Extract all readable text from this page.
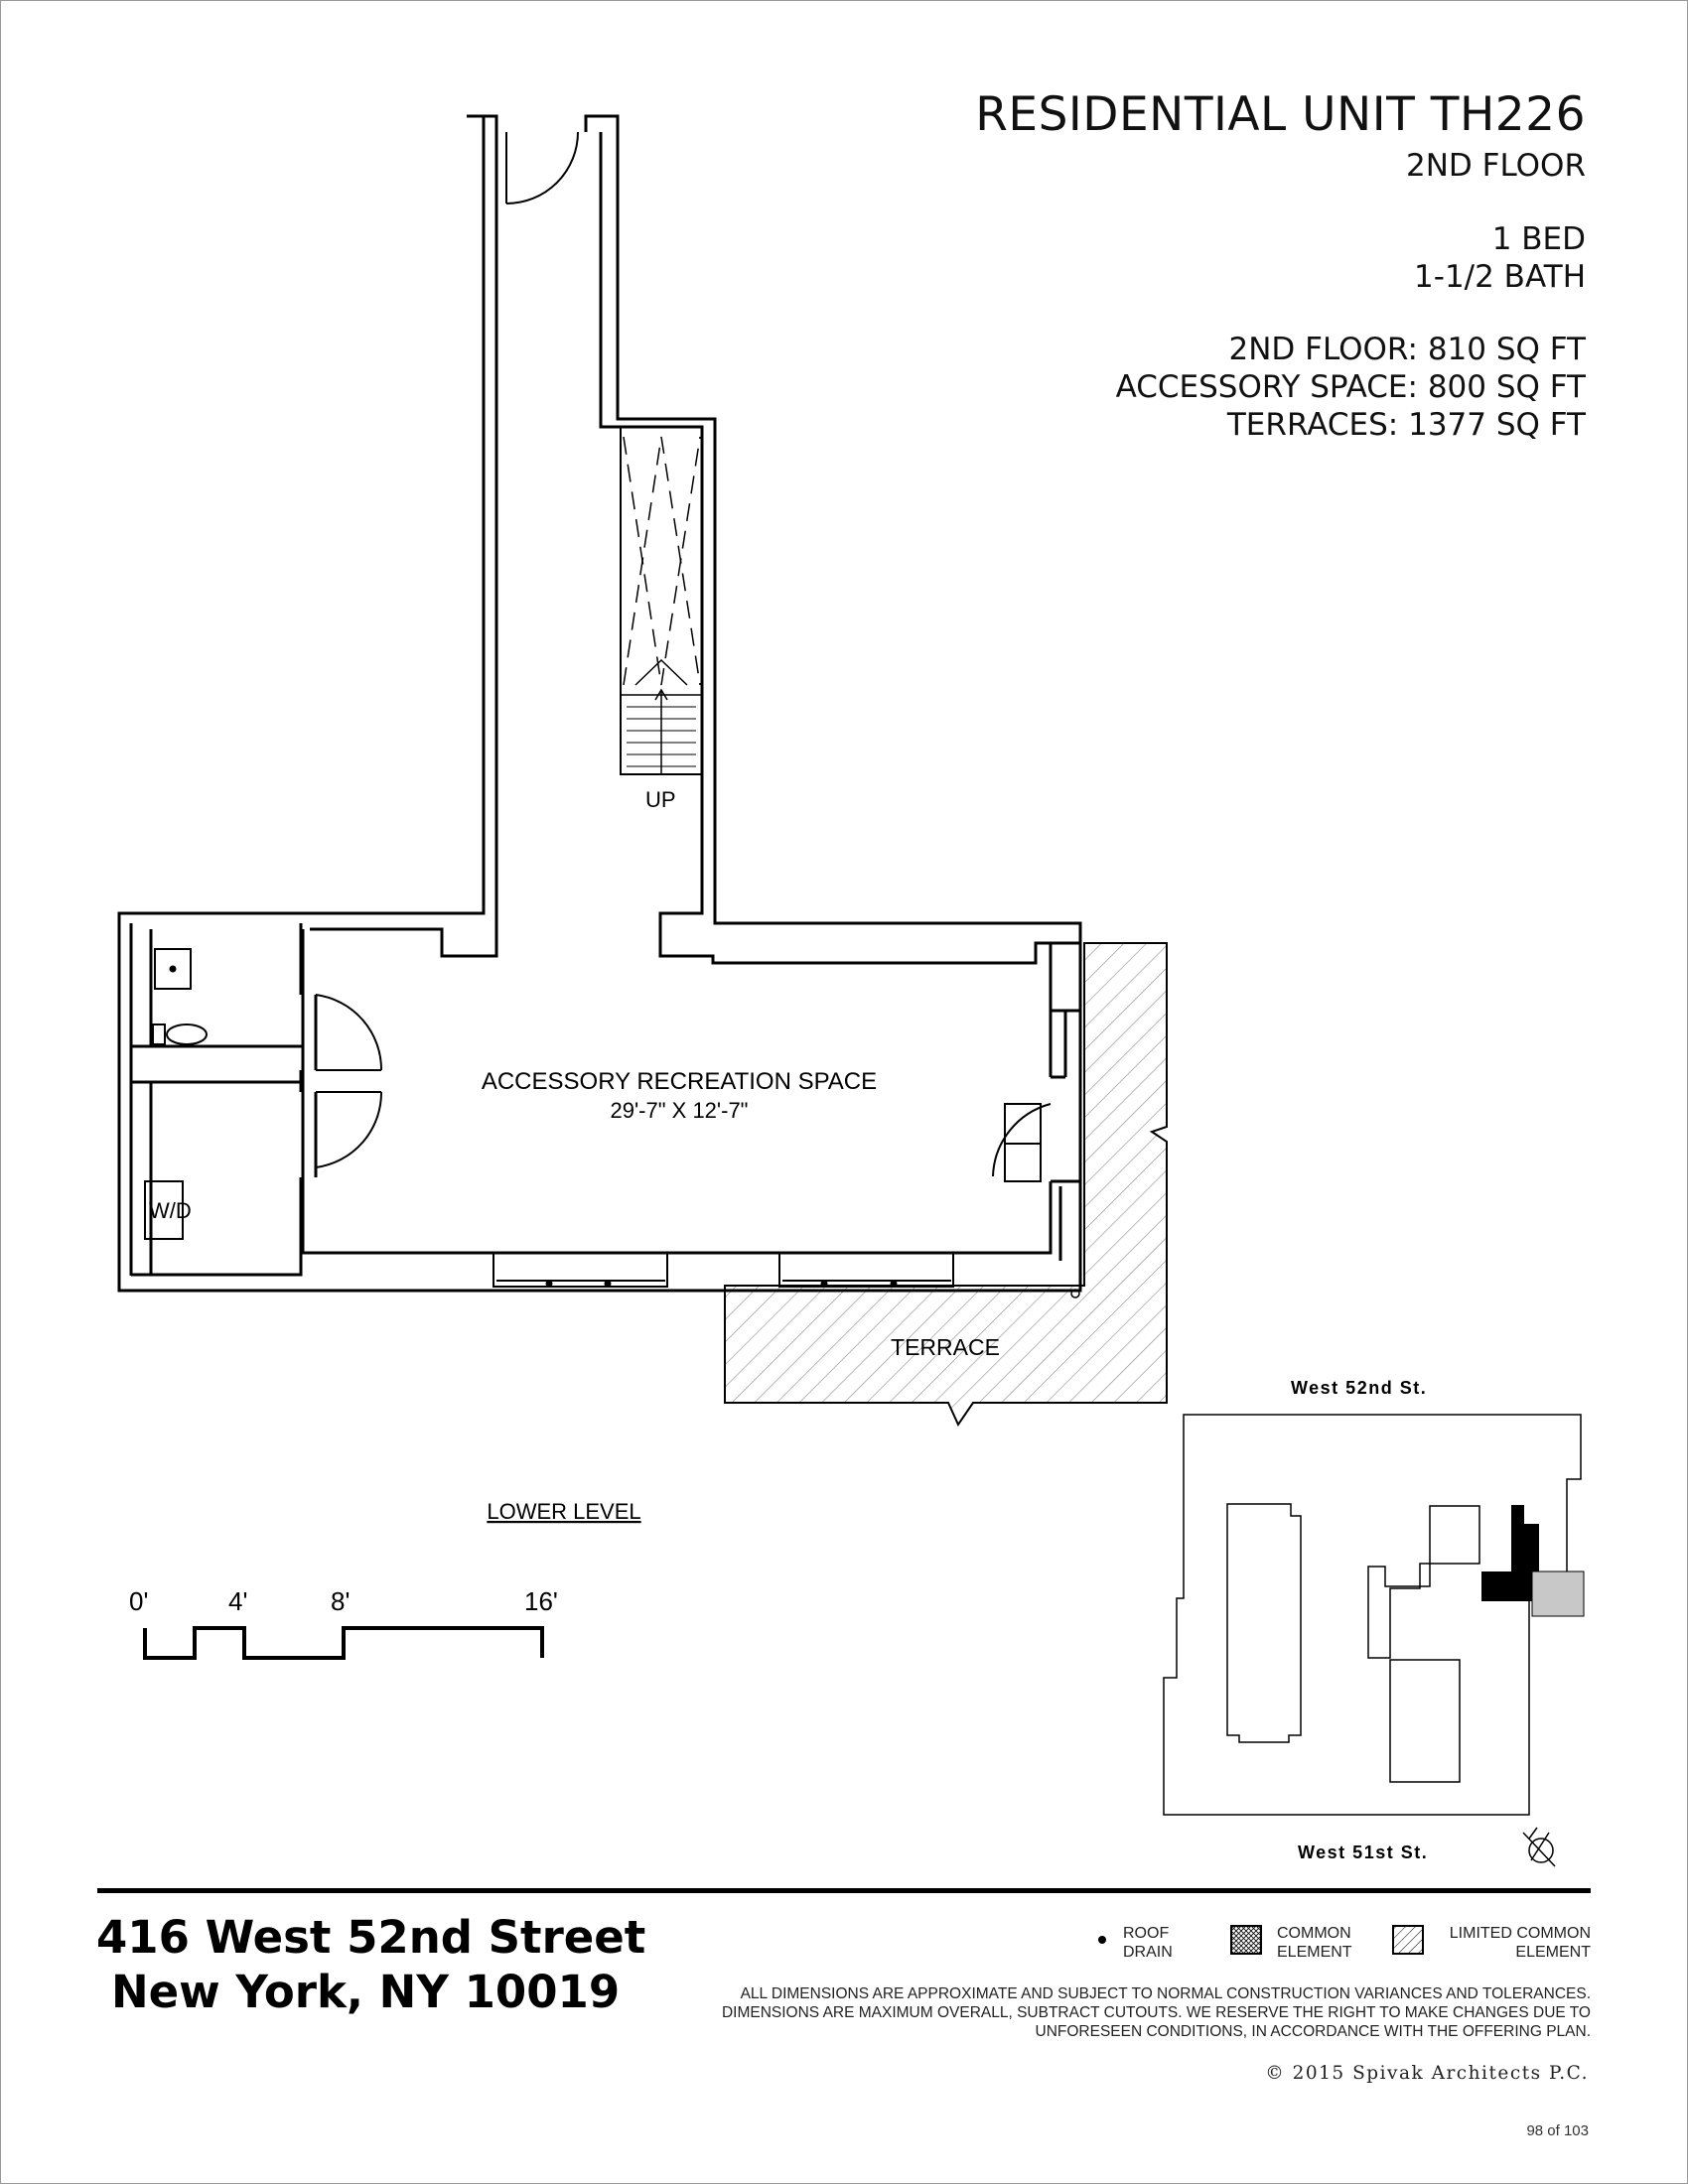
RESIDENTIAL UNIT TH226
2ND FLOOR
1 BED
1-1/2 BATH
2ND FLOOR: 810 SQ FT
ACCESSORY SPACE: 800 SQ FT
TERRACES: 1377 SQ FT
UP
W/D
ACCESSORY RECREATION SPACE
29'-7" X 12'-7"
TERRACE
LOWER LEVEL
0'	4'	8'	16'
West 52nd St.
West 51st St.
416 West 52nd Street
New York, NY 10019
ROOF
DRAIN
COMMON
ELEMENT
LIMITED COMMON
ELEMENT
ALL DIMENSIONS ARE APPROXIMATE AND SUBJECT TO NORMAL CONSTRUCTION VARIANCES AND TOLERANCES. DIMENSIONS ARE MAXIMUM OVERALL, SUBTRACT CUTOUTS. WE RESERVE THE RIGHT TO MAKE CHANGES DUE TO UNFORESEEN CONDITIONS, IN ACCORDANCE WITH THE OFFERING PLAN.
© 2015 Spivak Architects P.C.
98 of 103
